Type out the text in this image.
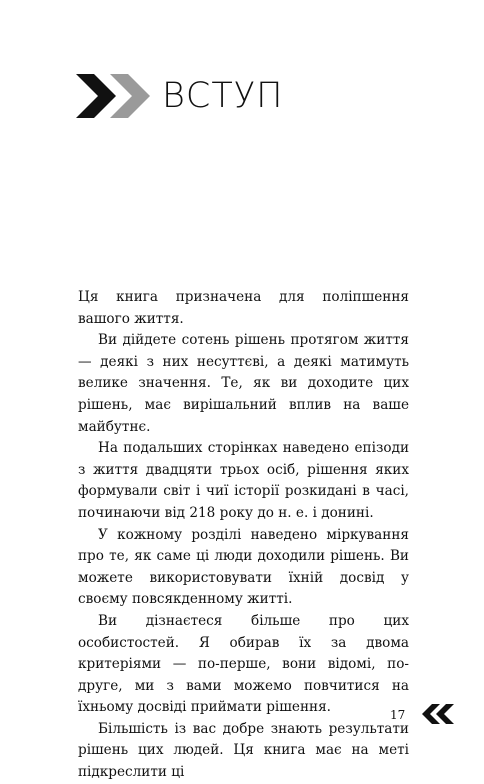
ВСТУП

Ця книга призначена для поліпшення вашого життя.

Ви дійдете сотень рішень протягом життя — деякі з них несуттєві, а деякі матимуть велике значення. Те, як ви доходите цих рішень, має вирішальний вплив на ваше майбутнє.

На подальших сторінках наведено епізоди з життя двадцяти трьох осіб, рішення яких формували світ і чиї історії розкидані в часі, починаючи від 218 року до н. е. і донині.

У кожному розділі наведено міркування про те, як саме ці люди доходили рішень. Ви можете використовувати їхній досвід у своєму повсякденному житті.

Ви дізнаєтеся більше про цих особистостей. Я обирав їх за двома критеріями — по-перше, вони відомі, по-друге, ми з вами можемо повчитися на їхньому досвіді приймати рішення.

Більшість із вас добре знають результати рішень цих людей. Ця книга має на меті підкреслити ці

17
